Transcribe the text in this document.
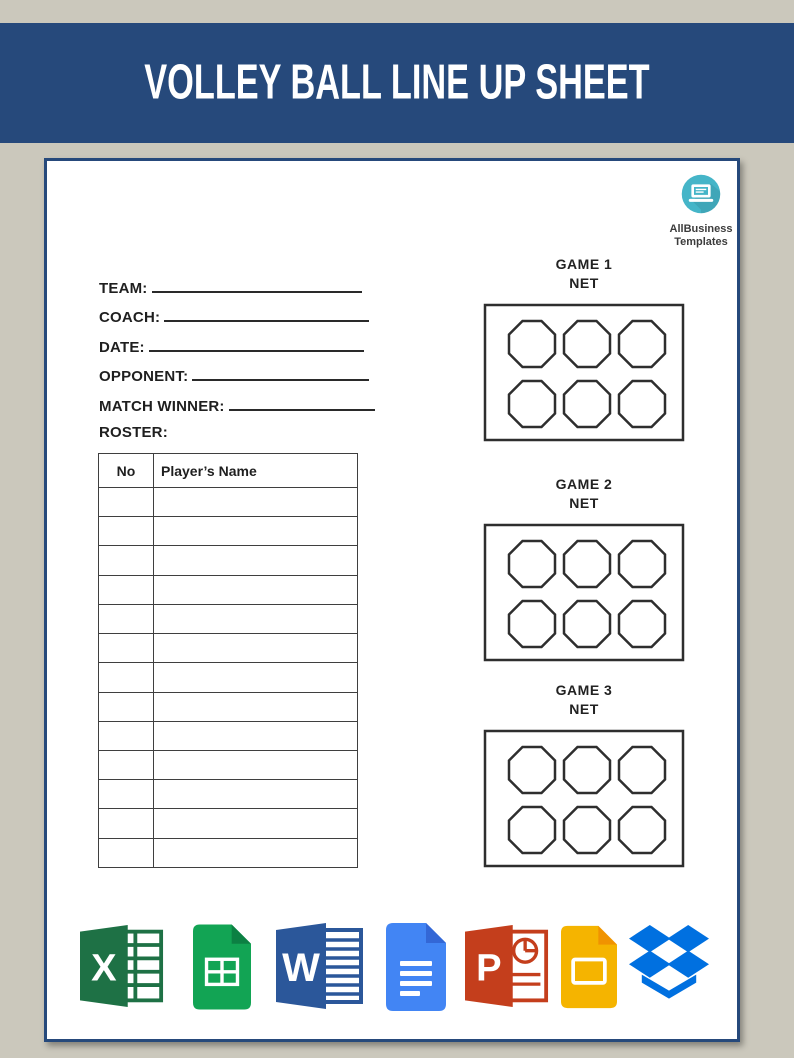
VOLLEY BALL LINE UP SHEET
AllBusiness
Templates
TEAM:
COACH:
DATE:
OPPONENT:
MATCH WINNER:
ROSTER:
No	Player’s Name

GAME 1
NET
GAME 2
NET
GAME 3
NET
X	W	P
